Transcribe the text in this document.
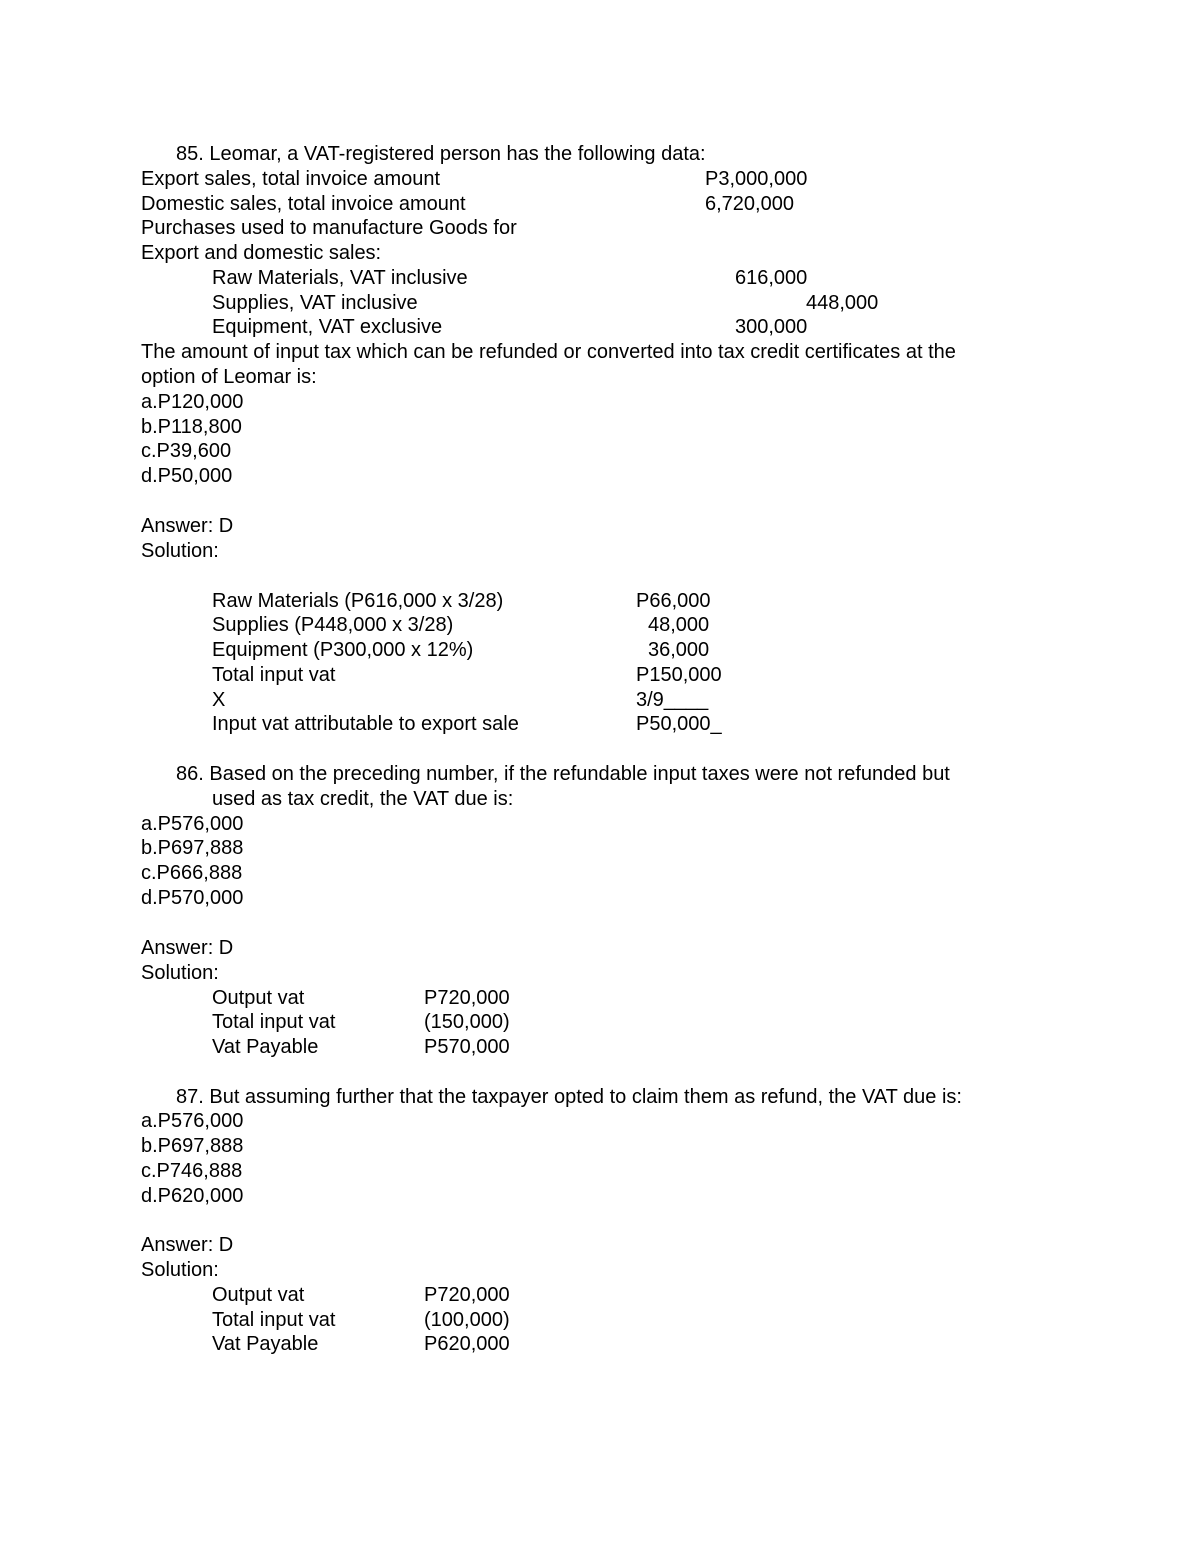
85. Leomar, a VAT-registered person has the following data:
Export sales, total invoice amount	P3,000,000
Domestic sales, total invoice amount	6,720,000
Purchases used to manufacture Goods for
Export and domestic sales:
Raw Materials, VAT inclusive	616,000
Supplies, VAT inclusive	448,000
Equipment, VAT exclusive	300,000
The amount of input tax which can be refunded or converted into tax credit certificates at the
option of Leomar is:
a.P120,000
b.P118,800
c.P39,600
d.P50,000
Answer: D
Solution:
Raw Materials (P616,000 x 3/28)	P66,000
Supplies (P448,000 x 3/28)	48,000
Equipment (P300,000 x 12%)	36,000
Total input vat	P150,000
X	3/9____
Input vat attributable to export sale	P50,000_
86. Based on the preceding number, if the refundable input taxes were not refunded but
used as tax credit, the VAT due is:
a.P576,000
b.P697,888
c.P666,888
d.P570,000
Answer: D
Solution:
Output vat	P720,000
Total input vat	(150,000)
Vat Payable	P570,000
87. But assuming further that the taxpayer opted to claim them as refund, the VAT due is:
a.P576,000
b.P697,888
c.P746,888
d.P620,000
Answer: D
Solution:
Output vat	P720,000
Total input vat	(100,000)
Vat Payable	P620,000
